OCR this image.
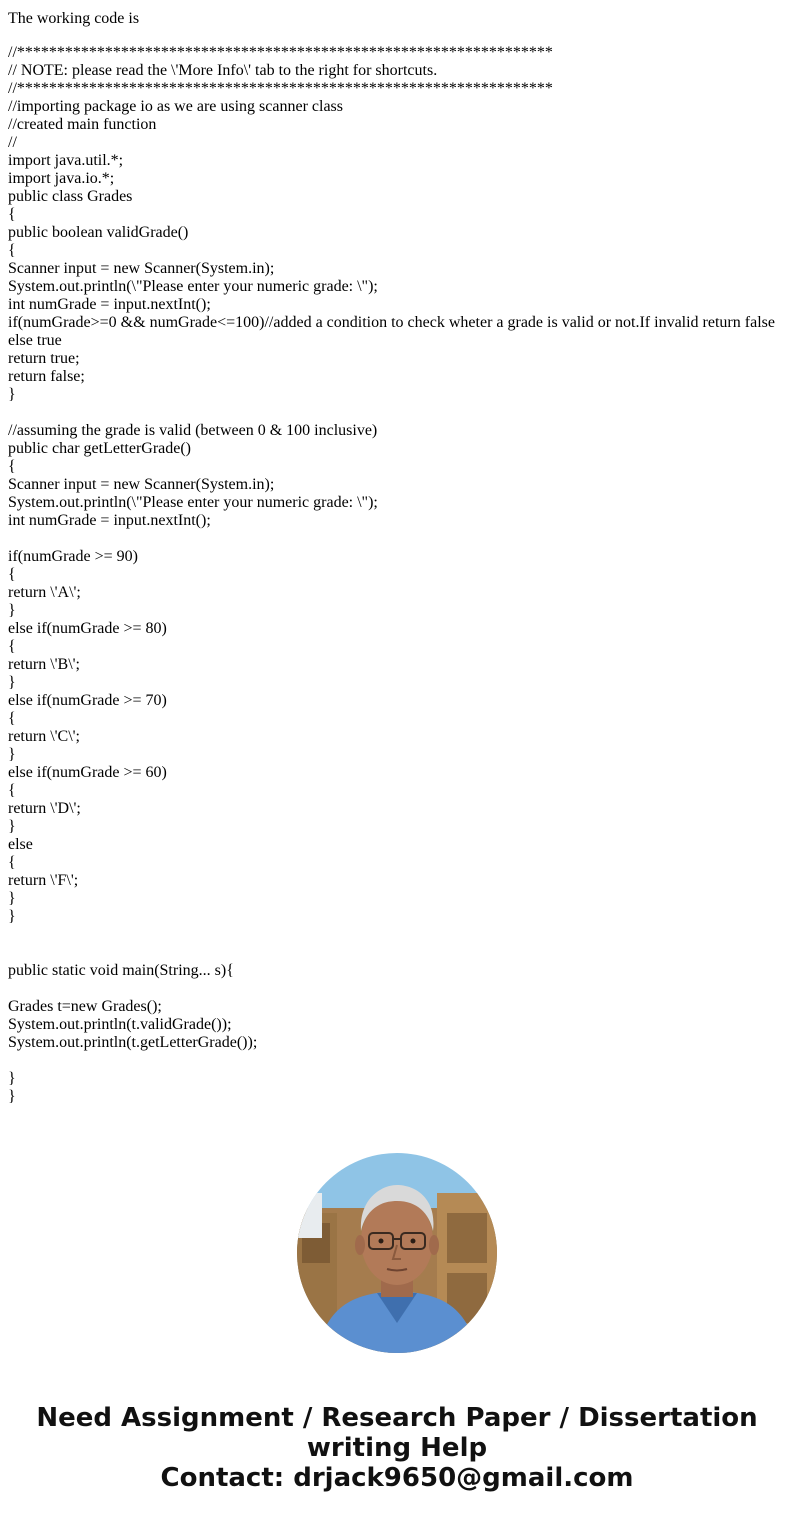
The working code is

//*******************************************************************
// NOTE: please read the \'More Info\' tab to the right for shortcuts.
//*******************************************************************
//importing package io as we are using scanner class
//created main function
//
import java.util.*;
import java.io.*;
public class Grades
{
public boolean validGrade()
{
Scanner input = new Scanner(System.in);
System.out.println(\"Please enter your numeric grade: \");
int numGrade = input.nextInt();
if(numGrade>=0 && numGrade<=100)//added a condition to check wheter a grade is valid or not.If invalid return false else true
return true;
return false;
}
//assuming the grade is valid (between 0 & 100 inclusive)
public char getLetterGrade()
{
Scanner input = new Scanner(System.in);
System.out.println(\"Please enter your numeric grade: \");
int numGrade = input.nextInt();
if(numGrade >= 90)
{
return \'A\';
}
else if(numGrade >= 80)
{
return \'B\';
}
else if(numGrade >= 70)
{
return \'C\';
}
else if(numGrade >= 60)
{
return \'D\';
}
else
{
return \'F\';
}
}
public static void main(String... s){
Grades t=new Grades();
System.out.println(t.validGrade());
System.out.println(t.getLetterGrade());
}
}
Need Assignment / Research Paper / Dissertation
writing Help
Contact: drjack9650@gmail.com
